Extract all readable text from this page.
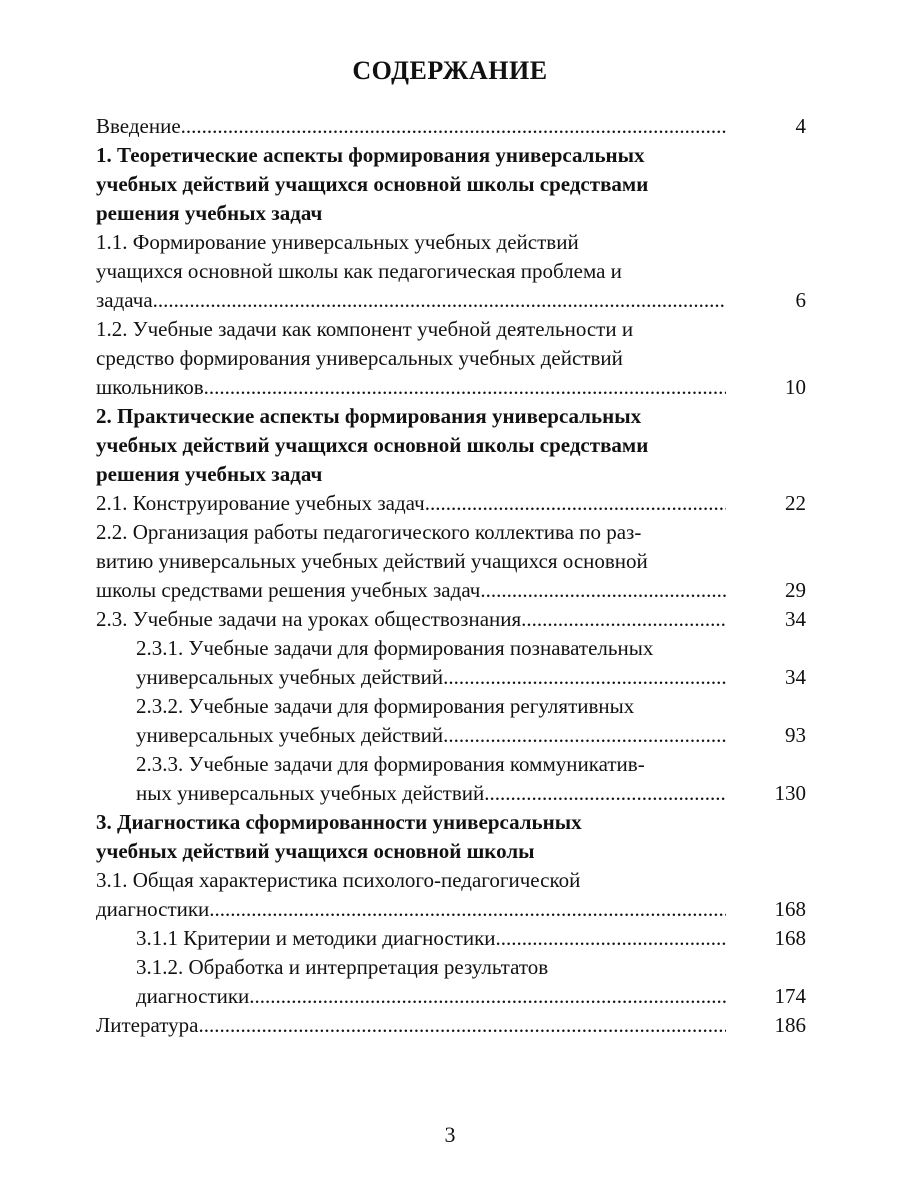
СОДЕРЖАНИЕ
Введение .....	4
1. Теоретические аспекты формирования универсальных
учебных действий учащихся основной школы средствами
решения учебных задач
1.1. Формирование универсальных учебных действий
учащихся основной школы как педагогическая проблема и
задача .....	6
1.2. Учебные задачи как компонент учебной деятельности и
средство формирования универсальных учебных действий
школьников .....	10
2. Практические аспекты формирования универсальных
учебных действий учащихся основной школы средствами
решения учебных задач
2.1. Конструирование учебных задач .....	22
2.2. Организация работы педагогического коллектива по раз-
витию универсальных учебных действий учащихся основной
школы средствами решения учебных задач .....	29
2.3. Учебные задачи на уроках обществознания .....	34
2.3.1. Учебные задачи для формирования познавательных
универсальных учебных действий .....	34
2.3.2. Учебные задачи для формирования регулятивных
универсальных учебных действий .....	93
2.3.3. Учебные задачи для формирования коммуникатив-
ных универсальных учебных действий .....	130
3. Диагностика сформированности универсальных
учебных действий учащихся основной школы
3.1. Общая характеристика психолого-педагогической
диагностики .....	168
3.1.1 Критерии и методики диагностики .....	168
3.1.2. Обработка и интерпретация результатов
диагностики .....	174
Литература .....	186
3
